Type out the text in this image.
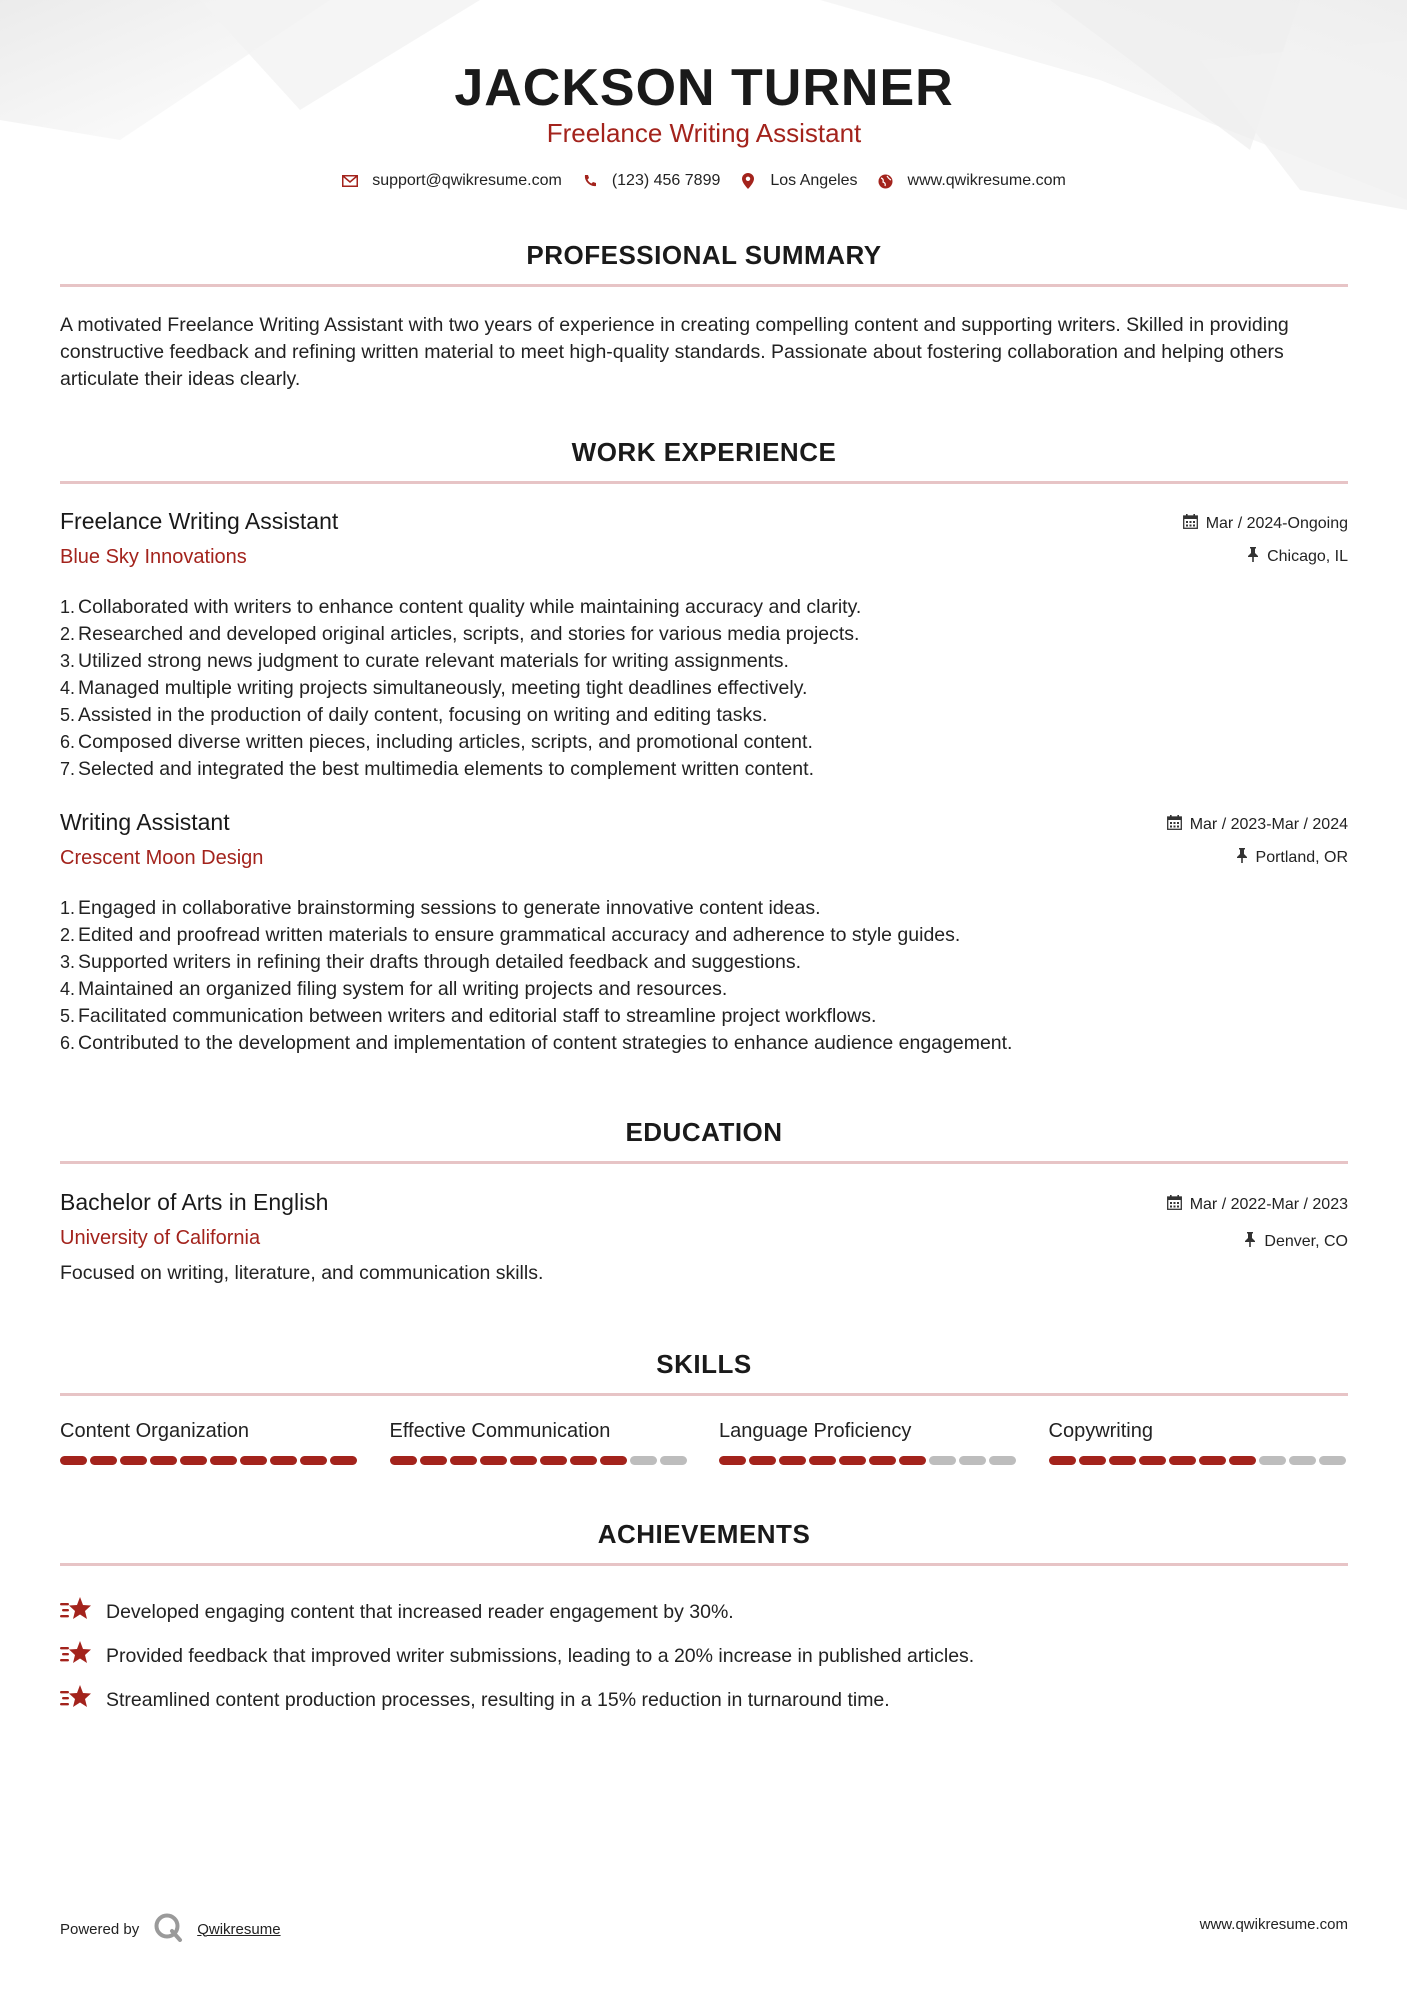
JACKSON TURNER
Freelance Writing Assistant
support@qwikresume.com	(123) 456 7899	Los Angeles	www.qwikresume.com
PROFESSIONAL SUMMARY

A motivated Freelance Writing Assistant with two years of experience in creating compelling content and supporting writers. Skilled in providing constructive feedback and refining written material to meet high-quality standards. Passionate about fostering collaboration and helping others articulate their ideas clearly.

WORK EXPERIENCE
Freelance Writing Assistant
Blue Sky Innovations
Mar / 2024-Ongoing
Chicago, IL
1. Collaborated with writers to enhance content quality while maintaining accuracy and clarity.
2. Researched and developed original articles, scripts, and stories for various media projects.
3. Utilized strong news judgment to curate relevant materials for writing assignments.
4. Managed multiple writing projects simultaneously, meeting tight deadlines effectively.
5. Assisted in the production of daily content, focusing on writing and editing tasks.
6. Composed diverse written pieces, including articles, scripts, and promotional content.
7. Selected and integrated the best multimedia elements to complement written content.
Writing Assistant
Crescent Moon Design
Mar / 2023-Mar / 2024
Portland, OR
1. Engaged in collaborative brainstorming sessions to generate innovative content ideas.
2. Edited and proofread written materials to ensure grammatical accuracy and adherence to style guides.
3. Supported writers in refining their drafts through detailed feedback and suggestions.
4. Maintained an organized filing system for all writing projects and resources.
5. Facilitated communication between writers and editorial staff to streamline project workflows.
6. Contributed to the development and implementation of content strategies to enhance audience engagement.
EDUCATION
Bachelor of Arts in English
University of California
Mar / 2022-Mar / 2023
Denver, CO
Focused on writing, literature, and communication skills.
SKILLS
Content Organization	Effective Communication	Language Proficiency	Copywriting
ACHIEVEMENTS
Developed engaging content that increased reader engagement by 30%.
Provided feedback that improved writer submissions, leading to a 20% increase in published articles.
Streamlined content production processes, resulting in a 15% reduction in turnaround time.
Powered by	Qwikresume	www.qwikresume.com
